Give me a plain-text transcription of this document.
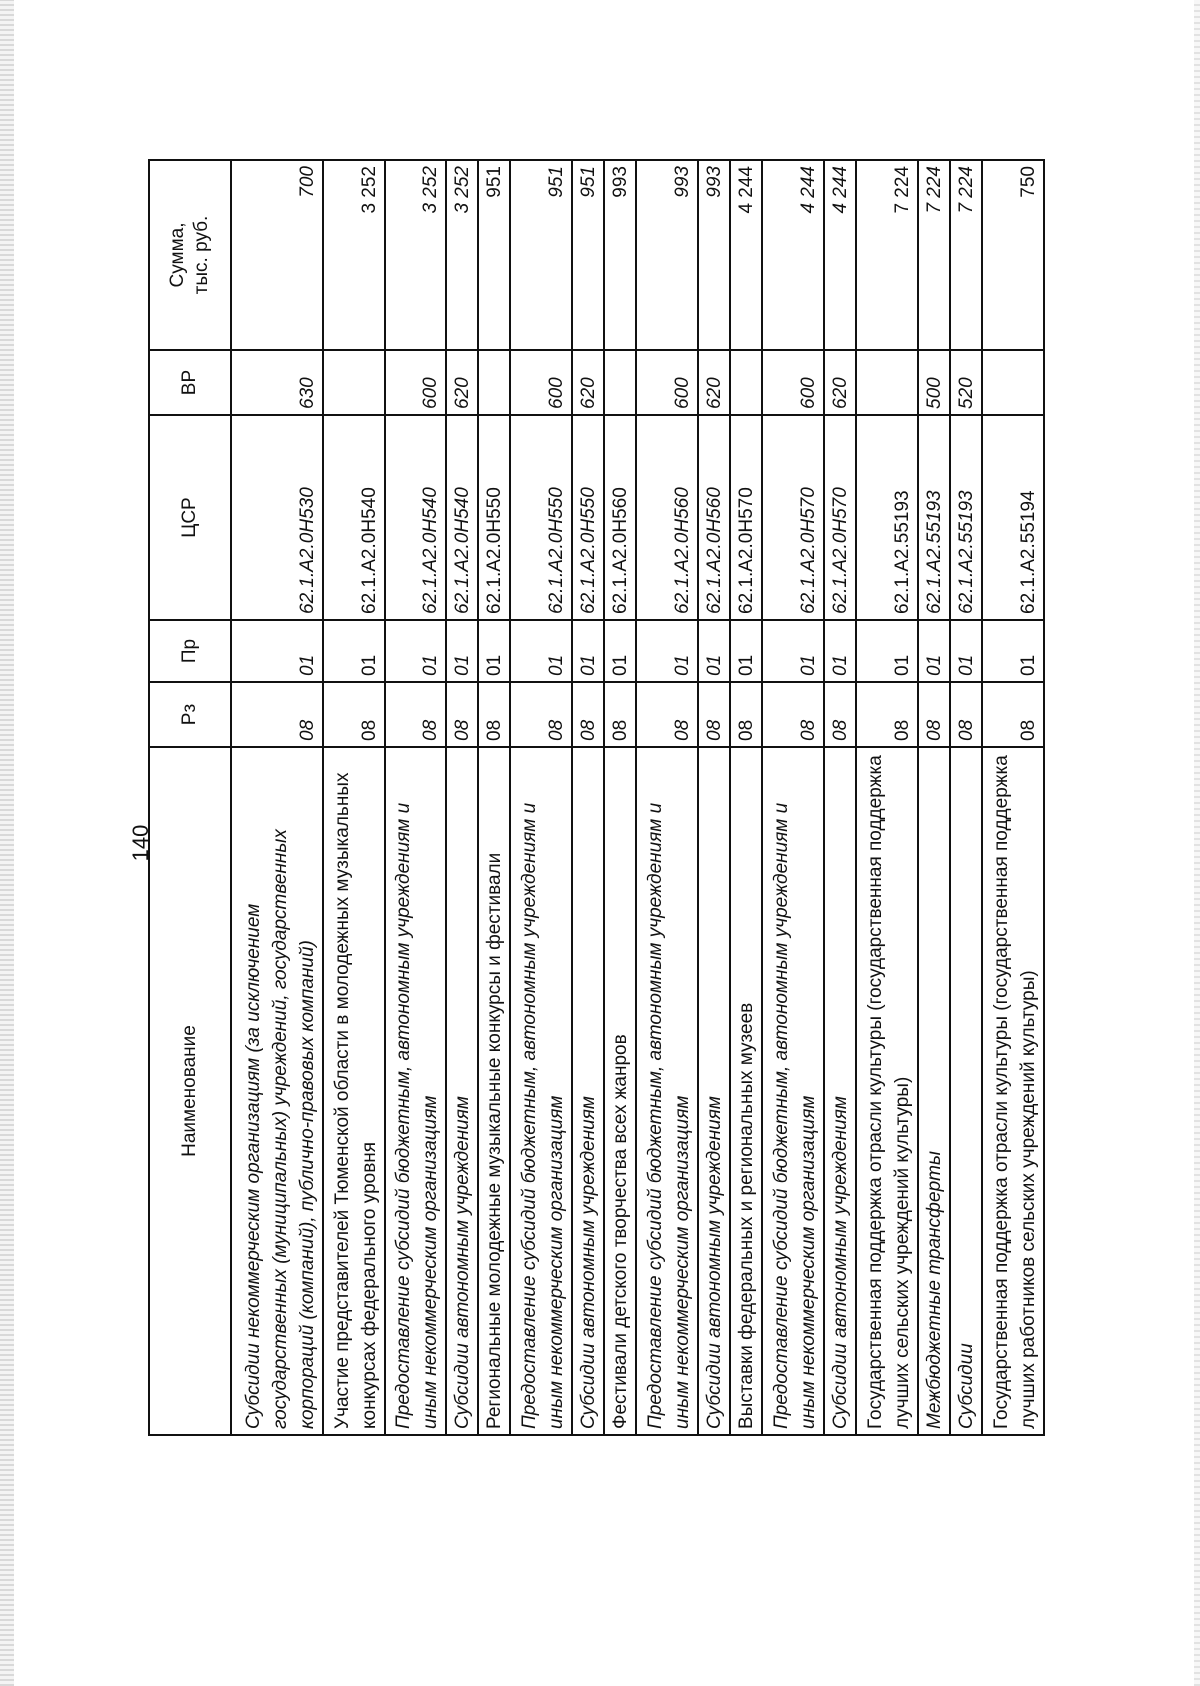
140
Наименование	Рз	Пр	ЦСР	ВР	Сумма, тыс. руб.

Субсидии некоммерческим организациям (за исключением государственных (муниципальных) учреждений, государственных корпораций (компаний), публично-правовых компаний)	08	01	62.1.A2.0Н530	630	700
Участие представителей Тюменской области в молодежных музыкальных конкурсах федерального уровня	08	01	62.1.A2.0Н540		3 252
Предоставление субсидий бюджетным, автономным учреждениям и иным некоммерческим организациям	08	01	62.1.A2.0Н540	600	3 252
Субсидии автономным учреждениям	08	01	62.1.A2.0Н540	620	3 252
Региональные молодежные музыкальные конкурсы и фестивали	08	01	62.1.A2.0Н550		951
Предоставление субсидий бюджетным, автономным учреждениям и иным некоммерческим организациям	08	01	62.1.A2.0Н550	600	951
Субсидии автономным учреждениям	08	01	62.1.A2.0Н550	620	951
Фестивали детского творчества всех жанров	08	01	62.1.A2.0Н560		993
Предоставление субсидий бюджетным, автономным учреждениям и иным некоммерческим организациям	08	01	62.1.A2.0Н560	600	993
Субсидии автономным учреждениям	08	01	62.1.A2.0Н560	620	993
Выставки федеральных и региональных музеев	08	01	62.1.A2.0Н570		4 244
Предоставление субсидий бюджетным, автономным учреждениям и иным некоммерческим организациям	08	01	62.1.A2.0Н570	600	4 244
Субсидии автономным учреждениям	08	01	62.1.A2.0Н570	620	4 244
Государственная поддержка отрасли культуры (государственная поддержка лучших сельских учреждений культуры)	08	01	62.1.A2.55193		7 224
Межбюджетные трансферты	08	01	62.1.A2.55193	500	7 224
Субсидии	08	01	62.1.A2.55193	520	7 224
Государственная поддержка отрасли культуры (государственная поддержка лучших работников сельских учреждений культуры)	08	01	62.1.A2.55194		750
